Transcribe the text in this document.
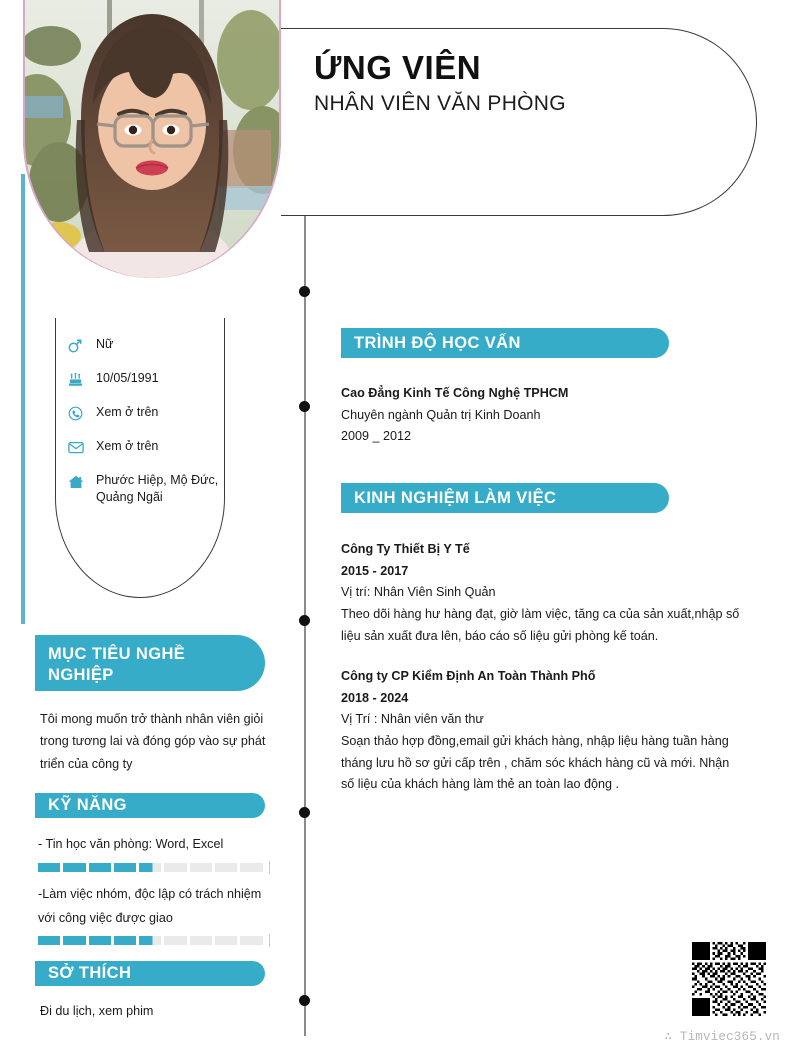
ỨNG VIÊN
NHÂN VIÊN VĂN PHÒNG
Nữ
10/05/1991
Xem ở trên
Xem ở trên
Phước Hiệp, Mộ Đức,
Quảng Ngãi
TRÌNH ĐỘ HỌC VẤN

Cao Đẳng Kinh Tế Công Nghệ TPHCM

Chuyên ngành Quản trị Kinh Doanh

2009 _ 2012

KINH NGHIỆM LÀM VIỆC

Công Ty Thiết Bị Y Tế

2015 - 2017

Vị trí: Nhân Viên Sinh Quản

Theo dõi hàng hư hàng đạt, giờ làm việc, tăng ca của sản xuất,nhập số

liệu sản xuất đưa lên, báo cáo số liệu gửi phòng kế toán.

Công ty CP Kiểm Định An Toàn Thành Phố

2018 - 2024

Vị Trí : Nhân viên văn thư

Soạn thảo hợp đồng,email gửi khách hàng, nhập liệu hàng tuần hàng

tháng lưu hồ sơ gửi cấp trên , chăm sóc khách hàng cũ và mới. Nhận

số liệu của khách hàng làm thẻ an toàn lao động .

MỤC TIÊU NGHỀ
NGHIỆP

Tôi mong muốn trở thành nhân viên giỏi

trong tương lai và đóng góp vào sự phát

triển của công ty

KỸ NĂNG

- Tin học văn phòng: Word, Excel

-Làm việc nhóm, độc lập có trách nhiệm

với công việc được giao

SỞ THÍCH

Đi du lịch, xem phim

∴ Timviec365.vn
